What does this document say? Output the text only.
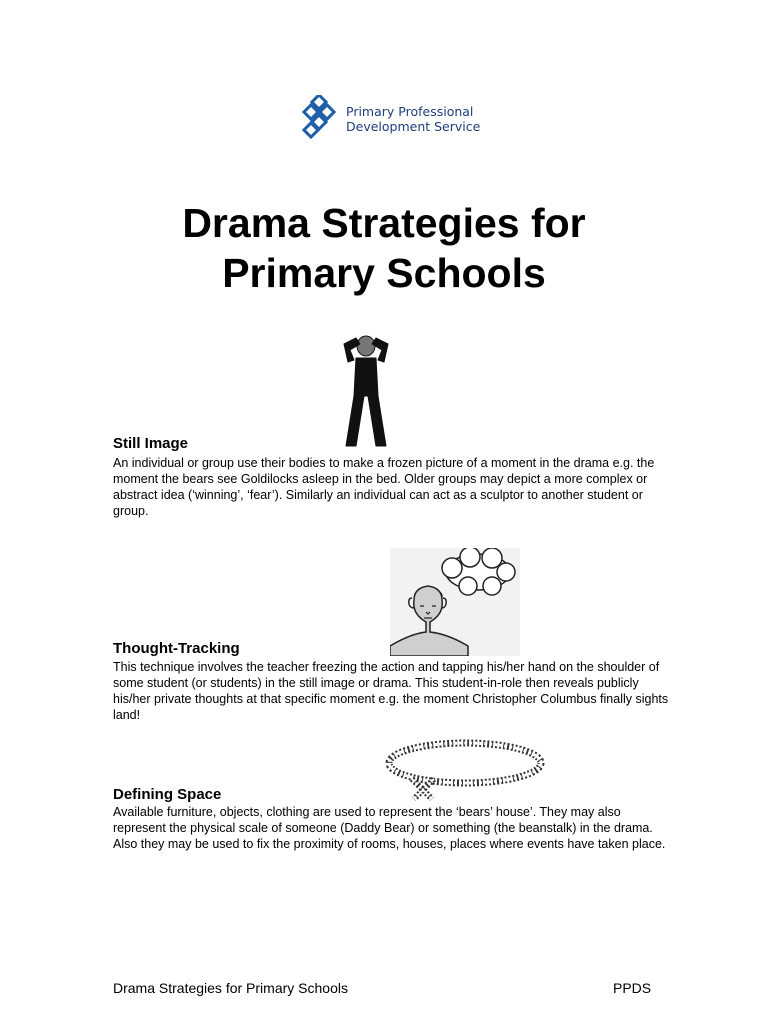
Primary Professional
Development Service
Drama Strategies for
Primary Schools
Still Image

An individual or group use their bodies to make a frozen picture of a moment in the drama e.g. the moment the bears see Goldilocks asleep in the bed. Older groups may depict a more complex or abstract idea (‘winning’, ‘fear’). Similarly an individual can act as a sculptor to another student or group.

Thought-Tracking

This technique involves the teacher freezing the action and tapping his/her hand on the shoulder of some student (or students) in the still image or drama. This student-in-role then reveals publicly his/her private thoughts at that specific moment e.g. the moment Christopher Columbus finally sights land!

Defining Space

Available furniture, objects, clothing are used to represent the ‘bears’ house’. They may also represent the physical scale of someone (Daddy Bear) or something (the beanstalk) in the drama. Also they may be used to fix the proximity of rooms, houses, places where events have taken place.

Drama Strategies for Primary Schools	PPDS
